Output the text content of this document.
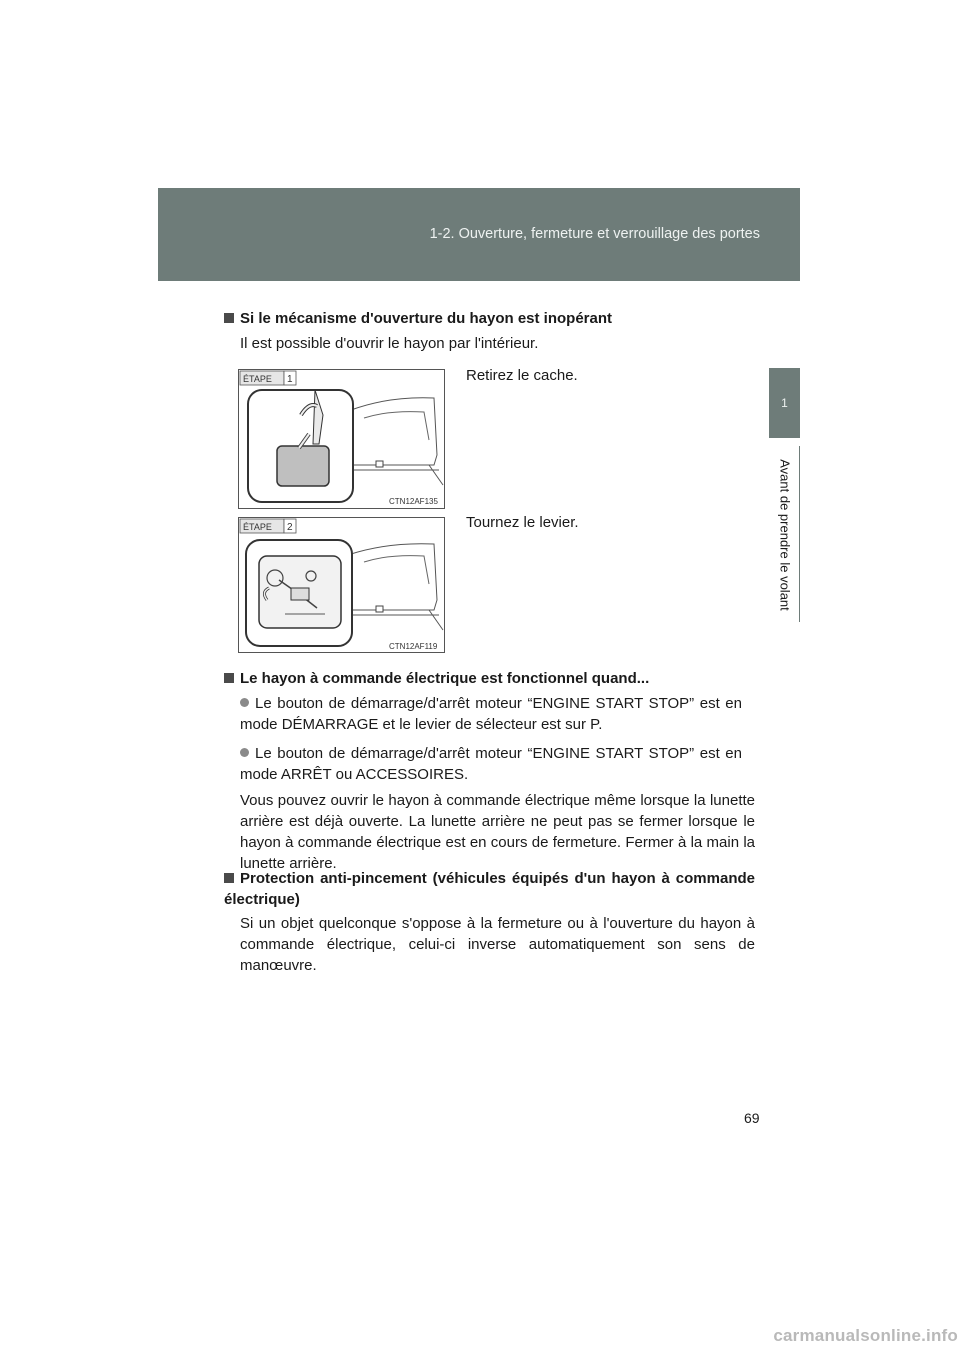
1-2. Ouverture, fermeture et verrouillage des portes
1
Avant de prendre le volant
Si le mécanisme d'ouverture du hayon est inopérant
Il est possible d'ouvrir le hayon par l'intérieur.
ÉTAPE 1
CTN12AF135
Retirez le cache.
ÉTAPE 2
CTN12AF119
Tournez le levier.
Le hayon à commande électrique est fonctionnel quand...
Le bouton de démarrage/d'arrêt moteur “ENGINE START STOP” est en mode DÉMARRAGE et le levier de sélecteur est sur P.
Le bouton de démarrage/d'arrêt moteur “ENGINE START STOP” est en mode ARRÊT ou ACCESSOIRES.
Vous pouvez ouvrir le hayon à commande électrique même lorsque la lunette arrière est déjà ouverte. La lunette arrière ne peut pas se fermer lorsque le hayon à commande électrique est en cours de fermeture. Fermer à la main la lunette arrière.
Protection anti-pincement (véhicules équipés d'un hayon à commande électrique)
Si un objet quelconque s'oppose à la fermeture ou à l'ouverture du hayon à commande électrique, celui-ci inverse automatiquement son sens de manœuvre.
69
carmanualsonline.info
